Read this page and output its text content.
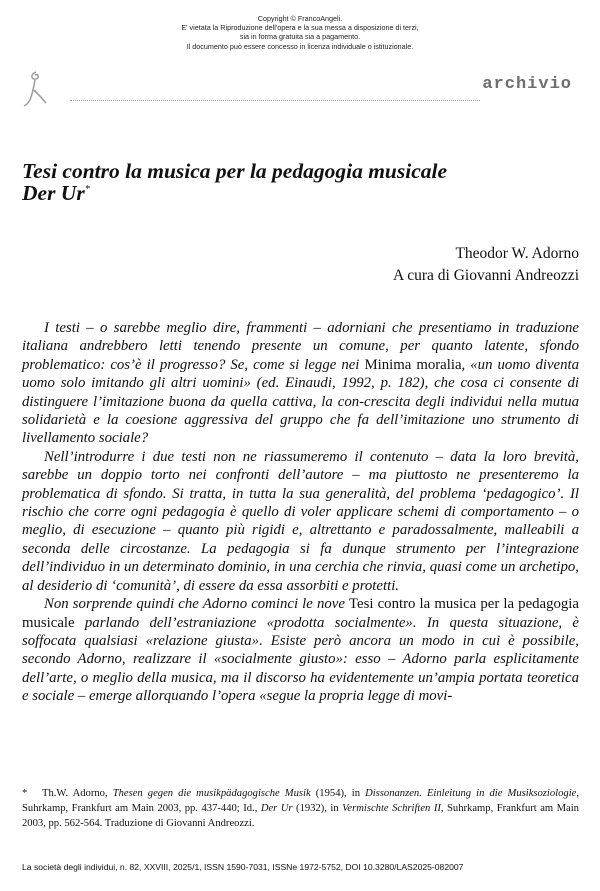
Copyright © FrancoAngeli.
E' vietata la Riproduzione dell'opera e la sua messa a disposizione di terzi,
sia in forma gratuita sia a pagamento.
Il documento può essere concesso in licenza individuale o istituzionale.
archivio
Tesi contro la musica per la pedagogia musicale
Der Ur*
Theodor W. Adorno
A cura di Giovanni Andreozzi

I testi – o sarebbe meglio dire, frammenti – adorniani che presentiamo in traduzione italiana andrebbero letti tenendo presente un comune, per quanto latente, sfondo problematico: cos’è il progresso? Se, come si legge nei Minima moralia, «un uomo diventa uomo solo imitando gli altri uomini» (ed. Einaudi, 1992, p. 182), che cosa ci consente di distinguere l’imitazione buona da quella cattiva, la con-crescita degli individui nella mutua solidarietà e la coesione aggressiva del gruppo che fa dell’imitazione uno strumento di livellamento sociale?

Nell’introdurre i due testi non ne riassumeremo il contenuto – data la loro brevità, sarebbe un doppio torto nei confronti dell’autore – ma piuttosto ne presenteremo la problematica di sfondo. Si tratta, in tutta la sua generalità, del problema ‘pedagogico’. Il rischio che corre ogni pedagogia è quello di voler applicare schemi di comportamento – o meglio, di esecuzione – quanto più rigidi e, altrettanto e paradossalmente, malleabili a seconda delle circostanze. La pedagogia si fa dunque strumento per l’integrazione dell’individuo in un determinato dominio, in una cerchia che rinvia, quasi come un archetipo, al desiderio di ‘comunità’, di essere da essa assorbiti e protetti.

Non sorprende quindi che Adorno cominci le nove Tesi contro la musica per la pedagogia musicale parlando dell’estraniazione «prodotta socialmente». In questa situazione, è soffocata qualsiasi «relazione giusta». Esiste però ancora un modo in cui è possibile, secondo Adorno, realizzare il «socialmente giusto»: esso – Adorno parla esplicitamente dell’arte, o meglio della musica, ma il discorso ha evidentemente un’ampia portata teoretica e sociale – emerge allorquando l’opera «segue la propria legge di movi-

* Th.W. Adorno, Thesen gegen die musikpädagogische Musik (1954), in Dissonanzen. Einleitung in die Musiksoziologie, Suhrkamp, Frankfurt am Main 2003, pp. 437-440; Id., Der Ur (1932), in Vermischte Schriften II, Suhrkamp, Frankfurt am Main 2003, pp. 562-564. Traduzione di Giovanni Andreozzi.
La società degli individui, n. 82, XXVIII, 2025/1, ISSN 1590-7031, ISSNe 1972-5752, DOI 10.3280/LAS2025-082007
